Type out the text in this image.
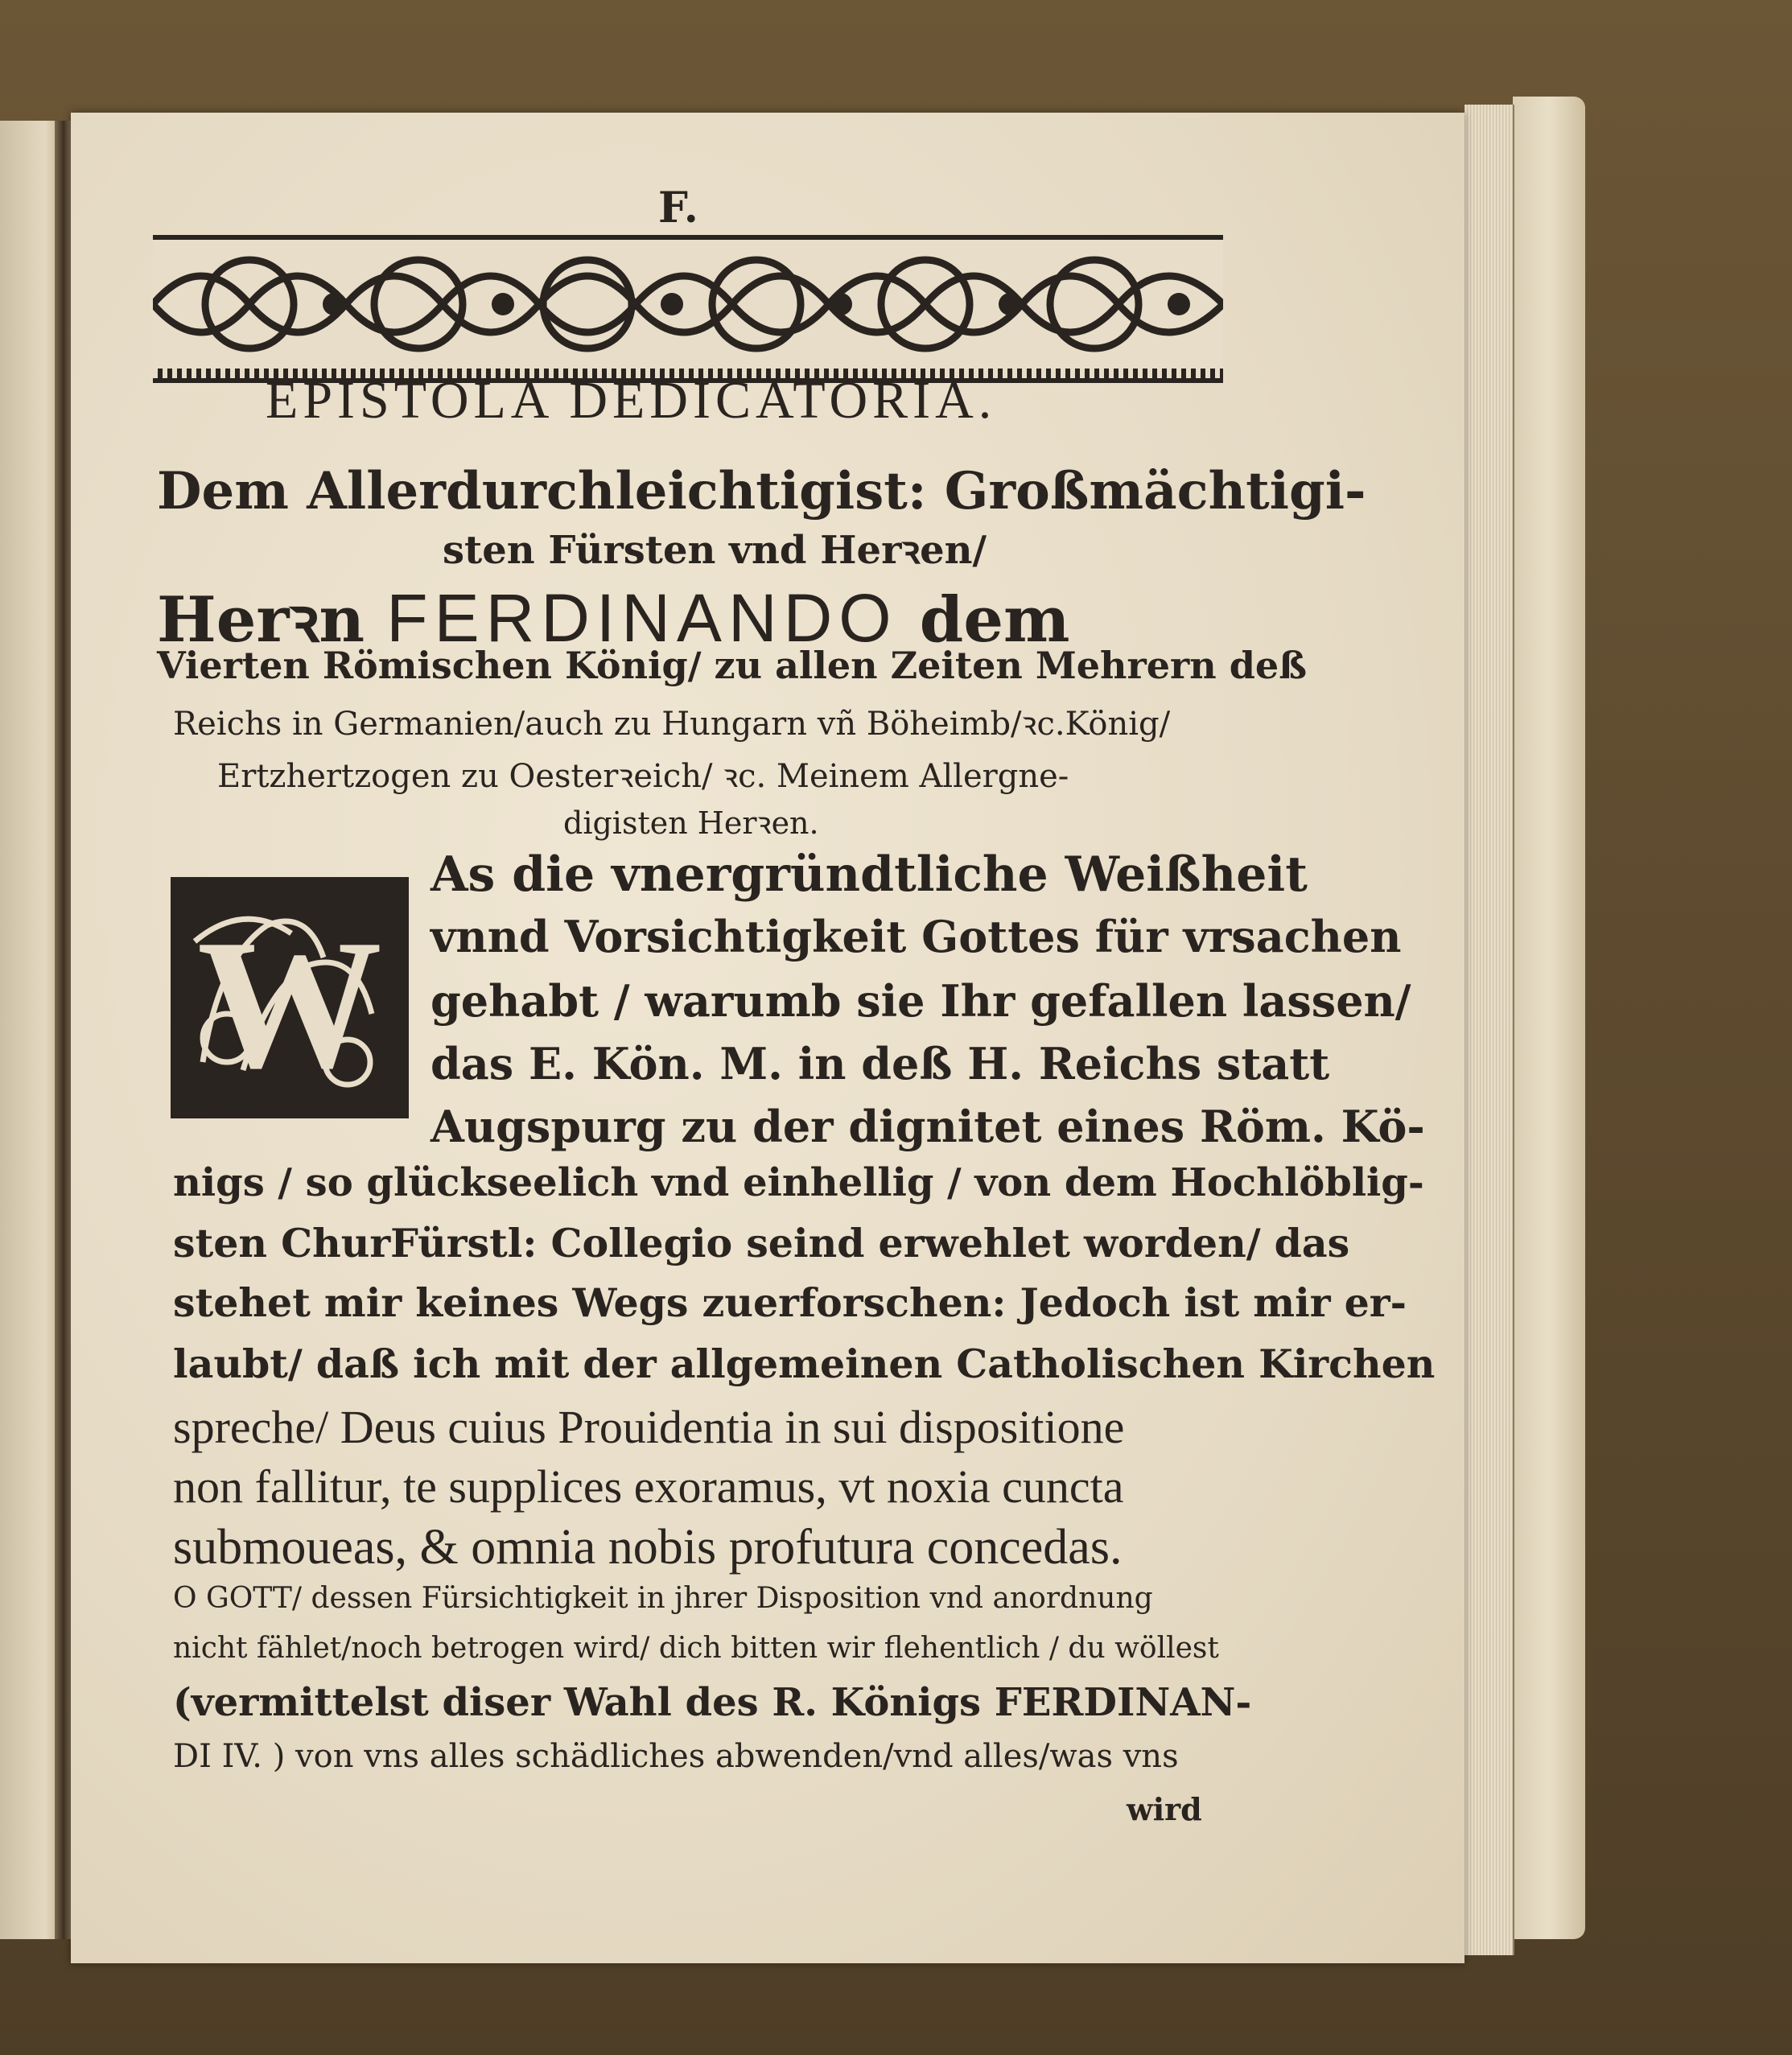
F.

EPISTOLA DEDICATORIA.

Dem Allerdurchleichtigist: Großmächtigi-

sten Fürsten vnd Herꝛen/

Herꝛn FERDINANDO dem

Vierten Römischen König/ zu allen Zeiten Mehrern deß

Reichs in Germanien/auch zu Hungarn vñ Böheimb/ꝛc.König/

Ertzhertzogen zu Oesterꝛeich/ ꝛc. Meinem Allergne-

digisten Herꝛen.

W

As die vnergründtliche Weißheit

vnnd Vorsichtigkeit Gottes für vrsachen

gehabt / warumb sie Ihr gefallen lassen/

das E. Kön. M. in deß H. Reichs statt

Augspurg zu der dignitet eines Röm. Kö-

nigs / so glückseelich vnd einhellig / von dem Hochlöblig-

sten ChurFürstl: Collegio seind erwehlet worden/ das

stehet mir keines Wegs zuerforschen: Jedoch ist mir er-

laubt/ daß ich mit der allgemeinen Catholischen Kirchen

spreche/ Deus cuius Prouidentia in sui dispositione

non fallitur, te supplices exoramus, vt noxia cuncta

submoueas, & omnia nobis profutura concedas.

O GOTT/ dessen Fürsichtigkeit in jhrer Disposition vnd anordnung

nicht fählet/noch betrogen wird/ dich bitten wir flehentlich / du wöllest

(vermittelst diser Wahl des R. Königs FERDINAN-

DI IV. ) von vns alles schädliches abwenden/vnd alles/was vns

wird
